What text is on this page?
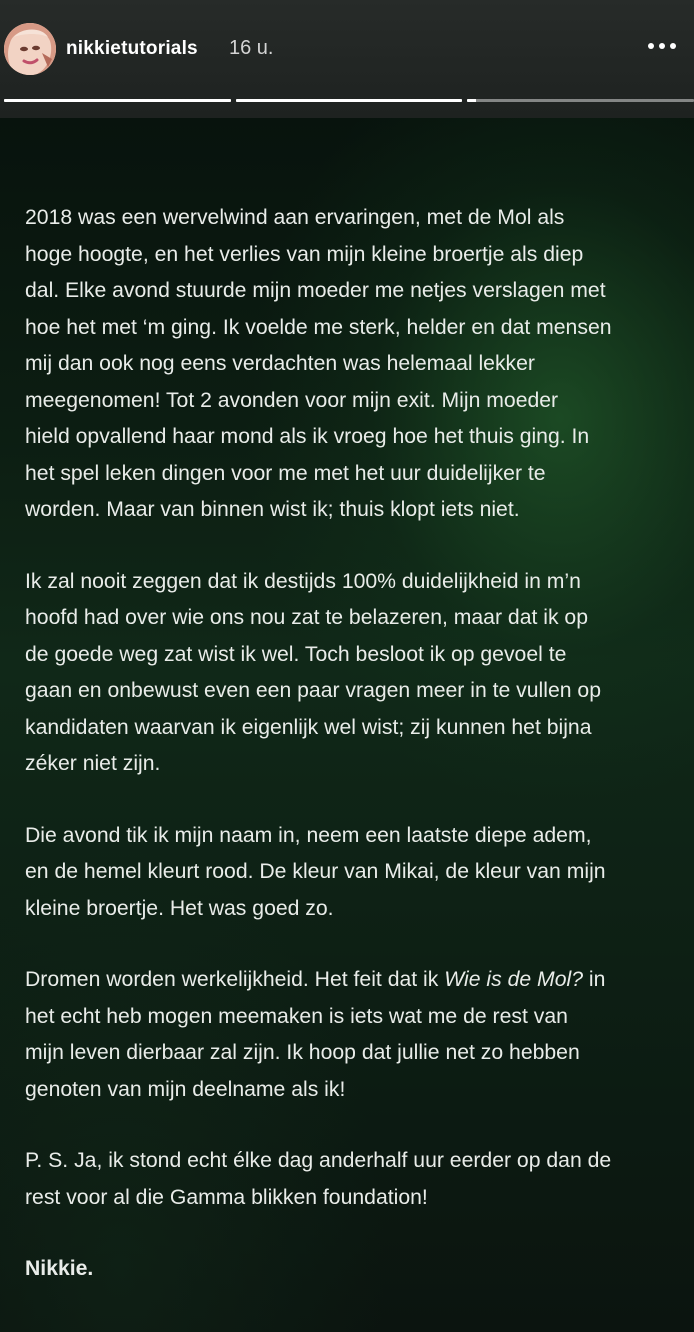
nikkietutorials 16 u.
2018 was een wervelwind aan ervaringen, met de Mol als
hoge hoogte, en het verlies van mijn kleine broertje als diep
dal. Elke avond stuurde mijn moeder me netjes verslagen met
hoe het met ‘m ging. Ik voelde me sterk, helder en dat mensen
mij dan ook nog eens verdachten was helemaal lekker
meegenomen! Tot 2 avonden voor mijn exit. Mijn moeder
hield opvallend haar mond als ik vroeg hoe het thuis ging. In
het spel leken dingen voor me met het uur duidelijker te
worden. Maar van binnen wist ik; thuis klopt iets niet.
Ik zal nooit zeggen dat ik destijds 100% duidelijkheid in m’n
hoofd had over wie ons nou zat te belazeren, maar dat ik op
de goede weg zat wist ik wel. Toch besloot ik op gevoel te
gaan en onbewust even een paar vragen meer in te vullen op
kandidaten waarvan ik eigenlijk wel wist; zij kunnen het bijna
zéker niet zijn.
Die avond tik ik mijn naam in, neem een laatste diepe adem,
en de hemel kleurt rood. De kleur van Mikai, de kleur van mijn
kleine broertje. Het was goed zo.
Dromen worden werkelijkheid. Het feit dat ik Wie is de Mol? in
het echt heb mogen meemaken is iets wat me de rest van
mijn leven dierbaar zal zijn. Ik hoop dat jullie net zo hebben
genoten van mijn deelname als ik!
P. S. Ja, ik stond echt élke dag anderhalf uur eerder op dan de
rest voor al die Gamma blikken foundation!
Nikkie.
